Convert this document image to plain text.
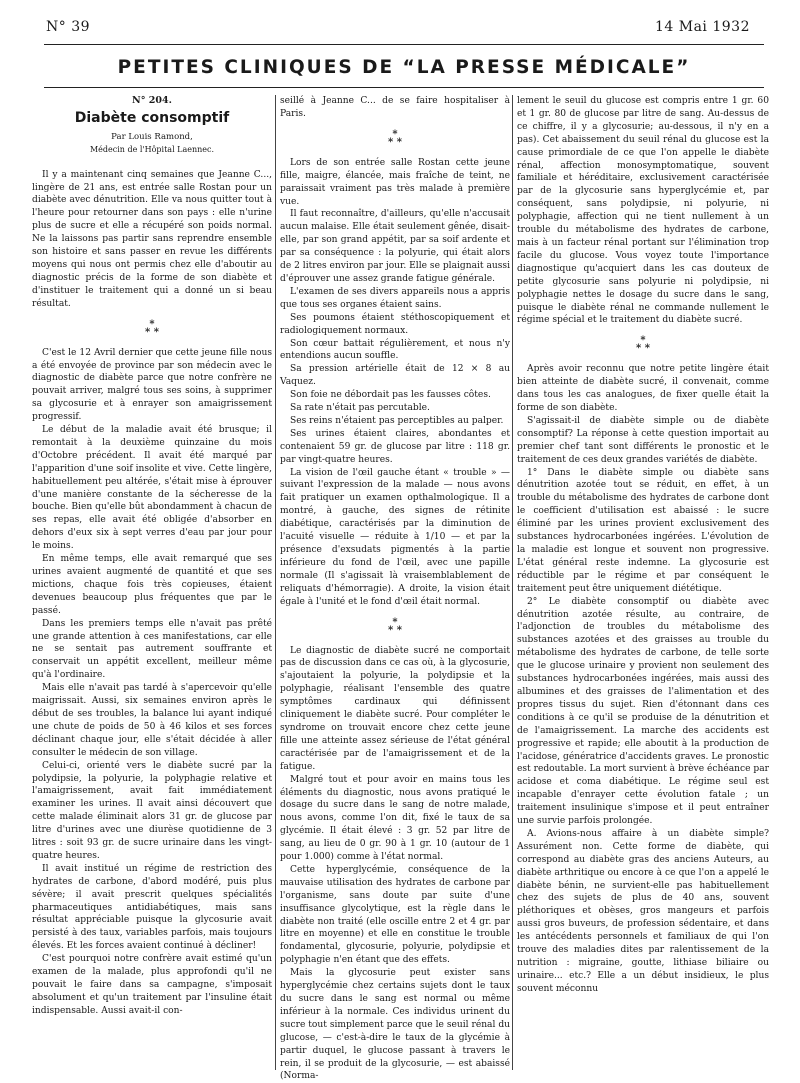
N° 39	14 Mai 1932
PETITES CLINIQUES DE “LA PRESSE MÉDICALE”
N° 204.
Diabète consomptif
Par Louis Ramond,
Médecin de l'Hôpital Laennec.

Il y a maintenant cinq semaines que Jeanne C..., lingère de 21 ans, est entrée salle Rostan pour un diabète avec dénutrition. Elle va nous quitter tout à l'heure pour retourner dans son pays : elle n'urine plus de sucre et elle a récupéré son poids normal. Ne la laissons pas partir sans reprendre ensemble son histoire et sans passer en revue les différents moyens qui nous ont permis chez elle d'aboutir au diagnostic précis de la forme de son diabète et d'instituer le traitement qui a donné un si beau résultat.

*
* *

C'est le 12 Avril dernier que cette jeune fille nous a été envoyée de province par son médecin avec le diagnostic de diabète parce que notre confrère ne pouvait arriver, malgré tous ses soins, à supprimer sa glycosurie et à enrayer son amaigrissement progressif.

Le début de la maladie avait été brusque; il remontait à la deuxième quinzaine du mois d'Octobre précédent. Il avait été marqué par l'apparition d'une soif insolite et vive. Cette lingère, habituellement peu altérée, s'était mise à éprouver d'une manière constante de la sécheresse de la bouche. Bien qu'elle bût abondamment à chacun de ses repas, elle avait été obligée d'absorber en dehors d'eux six à sept verres d'eau par jour pour le moins.

En même temps, elle avait remarqué que ses urines avaient augmenté de quantité et que ses mictions, chaque fois très copieuses, étaient devenues beaucoup plus fréquentes que par le passé.

Dans les premiers temps elle n'avait pas prêté une grande attention à ces manifestations, car elle ne se sentait pas autrement souffrante et conservait un appétit excellent, meilleur même qu'à l'ordinaire.

Mais elle n'avait pas tardé à s'apercevoir qu'elle maigrissait. Aussi, six semaines environ après le début de ses troubles, la balance lui ayant indiqué une chute de poids de 50 à 46 kilos et ses forces déclinant chaque jour, elle s'était décidée à aller consulter le médecin de son village.

Celui-ci, orienté vers le diabète sucré par la polydipsie, la polyurie, la polyphagie relative et l'amaigrissement, avait fait immédiatement examiner les urines. Il avait ainsi découvert que cette malade éliminait alors 31 gr. de glucose par litre d'urines avec une diurèse quotidienne de 3 litres : soit 93 gr. de sucre urinaire dans les vingt-quatre heures.

Il avait institué un régime de restriction des hydrates de carbone, d'abord modéré, puis plus sévère; il avait prescrit quelques spécialités pharmaceutiques antidiabétiques, mais sans résultat appréciable puisque la glycosurie avait persisté à des taux, variables parfois, mais toujours élevés. Et les forces avaient continué à décliner!

C'est pourquoi notre confrère avait estimé qu'un examen de la malade, plus approfondi qu'il ne pouvait le faire dans sa campagne, s'imposait absolument et qu'un traitement par l'insuline était indispensable. Aussi avait-il con-

seillé à Jeanne C... de se faire hospitaliser à Paris.

*
* *

Lors de son entrée salle Rostan cette jeune fille, maigre, élancée, mais fraîche de teint, ne paraissait vraiment pas très malade à première vue.

Il faut reconnaître, d'ailleurs, qu'elle n'accusait aucun malaise. Elle était seulement gênée, disait-elle, par son grand appétit, par sa soif ardente et par sa conséquence : la polyurie, qui était alors de 2 litres environ par jour. Elle se plaignait aussi d'éprouver une assez grande fatigue générale.

L'examen de ses divers appareils nous a appris que tous ses organes étaient sains.

Ses poumons étaient stéthoscopiquement et radiologiquement normaux.

Son cœur battait régulièrement, et nous n'y entendions aucun souffle.

Sa pression artérielle était de 12 × 8 au Vaquez.

Son foie ne débordait pas les fausses côtes.

Sa rate n'était pas percutable.

Ses reins n'étaient pas perceptibles au palper.

Ses urines étaient claires, abondantes et contenaient 59 gr. de glucose par litre : 118 gr. par vingt-quatre heures.

La vision de l'œil gauche étant « trouble » — suivant l'expression de la malade — nous avons fait pratiquer un examen opthalmologique. Il a montré, à gauche, des signes de rétinite diabétique, caractérisés par la diminution de l'acuité visuelle — réduite à 1/10 — et par la présence d'exsudats pigmentés à la partie inférieure du fond de l'œil, avec une papille normale (Il s'agissait là vraisemblablement de reliquats d'hémorragie). A droite, la vision était égale à l'unité et le fond d'œil était normal.

*
* *

Le diagnostic de diabète sucré ne comportait pas de discussion dans ce cas où, à la glycosurie, s'ajoutaient la polyurie, la polydipsie et la polyphagie, réalisant l'ensemble des quatre symptômes cardinaux qui définissent cliniquement le diabète sucré. Pour compléter le syndrome on trouvait encore chez cette jeune fille une atteinte assez sérieuse de l'état général caractérisée par de l'amaigrissement et de la fatigue.

Malgré tout et pour avoir en mains tous les éléments du diagnostic, nous avons pratiqué le dosage du sucre dans le sang de notre malade, nous avons, comme l'on dit, fixé le taux de sa glycémie. Il était élevé : 3 gr. 52 par litre de sang, au lieu de 0 gr. 90 à 1 gr. 10 (autour de 1 pour 1.000) comme à l'état normal.

Cette hyperglycémie, conséquence de la mauvaise utilisation des hydrates de carbone par l'organisme, sans doute par suite d'une insuffisance glycolytique, est la règle dans le diabète non traité (elle oscille entre 2 et 4 gr. par litre en moyenne) et elle en constitue le trouble fondamental, glycosurie, polyurie, polydipsie et polyphagie n'en étant que des effets.

Mais la glycosurie peut exister sans hyperglycémie chez certains sujets dont le taux du sucre dans le sang est normal ou même inférieur à la normale. Ces individus urinent du sucre tout simplement parce que le seuil rénal du glucose, — c'est-à-dire le taux de la glycémie à partir duquel, le glucose passant à travers le rein, il se produit de la glycosurie, — est abaissé (Norma-

lement le seuil du glucose est compris entre 1 gr. 60 et 1 gr. 80 de glucose par litre de sang. Au-dessus de ce chiffre, il y a glycosurie; au-dessous, il n'y en a pas). Cet abaissement du seuil rénal du glucose est la cause primordiale de ce que l'on appelle le diabète rénal, affection monosymptomatique, souvent familiale et héréditaire, exclusivement caractérisée par de la glycosurie sans hyperglycémie et, par conséquent, sans polydipsie, ni polyurie, ni polyphagie, affection qui ne tient nullement à un trouble du métabolisme des hydrates de carbone, mais à un facteur rénal portant sur l'élimination trop facile du glucose. Vous voyez toute l'importance diagnostique qu'acquiert dans les cas douteux de petite glycosurie sans polyurie ni polydipsie, ni polyphagie nettes le dosage du sucre dans le sang, puisque le diabète rénal ne commande nullement le régime spécial et le traitement du diabète sucré.

*
* *

Après avoir reconnu que notre petite lingère était bien atteinte de diabète sucré, il convenait, comme dans tous les cas analogues, de fixer quelle était la forme de son diabète.

S'agissait-il de diabète simple ou de diabète consomptif? La réponse à cette question importait au premier chef tant sont différents le pronostic et le traitement de ces deux grandes variétés de diabète.

1° Dans le diabète simple ou diabète sans dénutrition azotée tout se réduit, en effet, à un trouble du métabolisme des hydrates de carbone dont le coefficient d'utilisation est abaissé : le sucre éliminé par les urines provient exclusivement des substances hydrocarbonées ingérées. L'évolution de la maladie est longue et souvent non progressive. L'état général reste indemne. La glycosurie est réductible par le régime et par conséquent le traitement peut être uniquement diététique.

2° Le diabète consomptif ou diabète avec dénutrition azotée résulte, au contraire, de l'adjonction de troubles du métabolisme des substances azotées et des graisses au trouble du métabolisme des hydrates de carbone, de telle sorte que le glucose urinaire y provient non seulement des substances hydrocarbonées ingérées, mais aussi des albumines et des graisses de l'alimentation et des propres tissus du sujet. Rien d'étonnant dans ces conditions à ce qu'il se produise de la dénutrition et de l'amaigrissement. La marche des accidents est progressive et rapide; elle aboutit à la production de l'acidose, génératrice d'accidents graves. Le pronostic est redoutable. La mort survient à brève échéance par acidose et coma diabétique. Le régime seul est incapable d'enrayer cette évolution fatale ; un traitement insulinique s'impose et il peut entraîner une survie parfois prolongée.

A. Avions-nous affaire à un diabète simple? Assurément non. Cette forme de diabète, qui correspond au diabète gras des anciens Auteurs, au diabète arthritique ou encore à ce que l'on a appelé le diabète bénin, ne survient-elle pas habituellement chez des sujets de plus de 40 ans, souvent pléthoriques et obèses, gros mangeurs et parfois aussi gros buveurs, de profession sédentaire, et dans les antécédents personnels et familiaux de qui l'on trouve des maladies dites par ralentissement de la nutrition : migraine, goutte, lithiase biliaire ou urinaire... etc.? Elle a un début insidieux, le plus souvent méconnu
